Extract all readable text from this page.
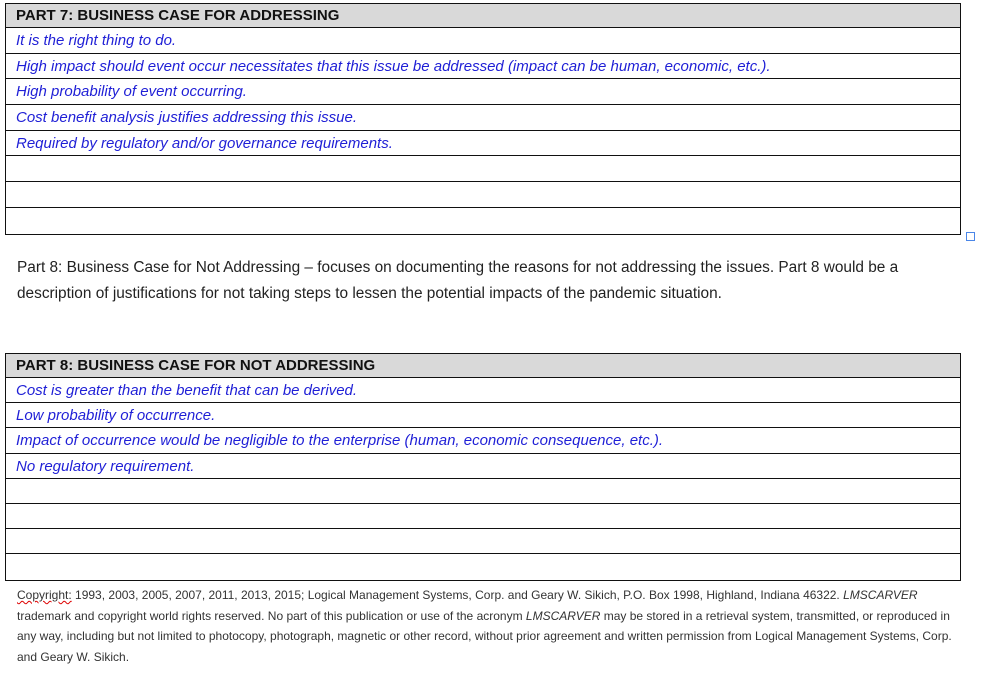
PART 7: BUSINESS CASE FOR ADDRESSING
It is the right thing to do.
High impact should event occur necessitates that this issue be addressed (impact can be human, economic, etc.).
High probability of event occurring.
Cost benefit analysis justifies addressing this issue.
Required by regulatory and/or governance requirements.
Part 8: Business Case for Not Addressing – focuses on documenting the reasons for not addressing the issues. Part 8 would be a description of justifications for not taking steps to lessen the potential impacts of the pandemic situation.
PART 8: BUSINESS CASE FOR NOT ADDRESSING
Cost is greater than the benefit that can be derived.
Low probability of occurrence.
Impact of occurrence would be negligible to the enterprise (human, economic consequence, etc.).
No regulatory requirement.
Copyright: 1993, 2003, 2005, 2007, 2011, 2013, 2015; Logical Management Systems, Corp. and Geary W. Sikich, P.O. Box 1998, Highland, Indiana 46322. LMSCARVER trademark and copyright world rights reserved. No part of this publication or use of the acronym LMSCARVER may be stored in a retrieval system, transmitted, or reproduced in any way, including but not limited to photocopy, photograph, magnetic or other record, without prior agreement and written permission from Logical Management Systems, Corp. and Geary W. Sikich.
